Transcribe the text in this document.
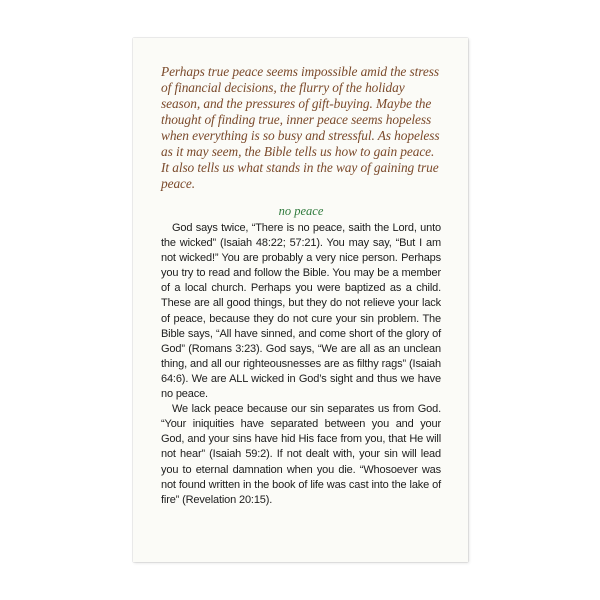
Perhaps true peace seems impossible amid the stress of financial decisions, the flurry of the holiday season, and the pressures of gift-buying. Maybe the thought of finding true, inner peace seems hopeless when everything is so busy and stressful. As hopeless as it may seem, the Bible tells us how to gain peace. It also tells us what stands in the way of gaining true peace.

no peace

God says twice, “There is no peace, saith the Lord, unto the wicked” (Isaiah 48:22; 57:21). You may say, “But I am not wicked!” You are probably a very nice person. Perhaps you try to read and follow the Bible. You may be a member of a local church. Perhaps you were baptized as a child. These are all good things, but they do not relieve your lack of peace, because they do not cure your sin problem. The Bible says, “All have sinned, and come short of the glory of God” (Romans 3:23). God says, “We are all as an unclean thing, and all our righteousnesses are as filthy rags” (Isaiah 64:6). We are ALL wicked in God’s sight and thus we have no peace.

We lack peace because our sin separates us from God. “Your iniquities have separated between you and your God, and your sins have hid His face from you, that He will not hear” (Isaiah 59:2). If not dealt with, your sin will lead you to eternal damnation when you die. “Whosoever was not found written in the book of life was cast into the lake of fire” (Revelation 20:15).
